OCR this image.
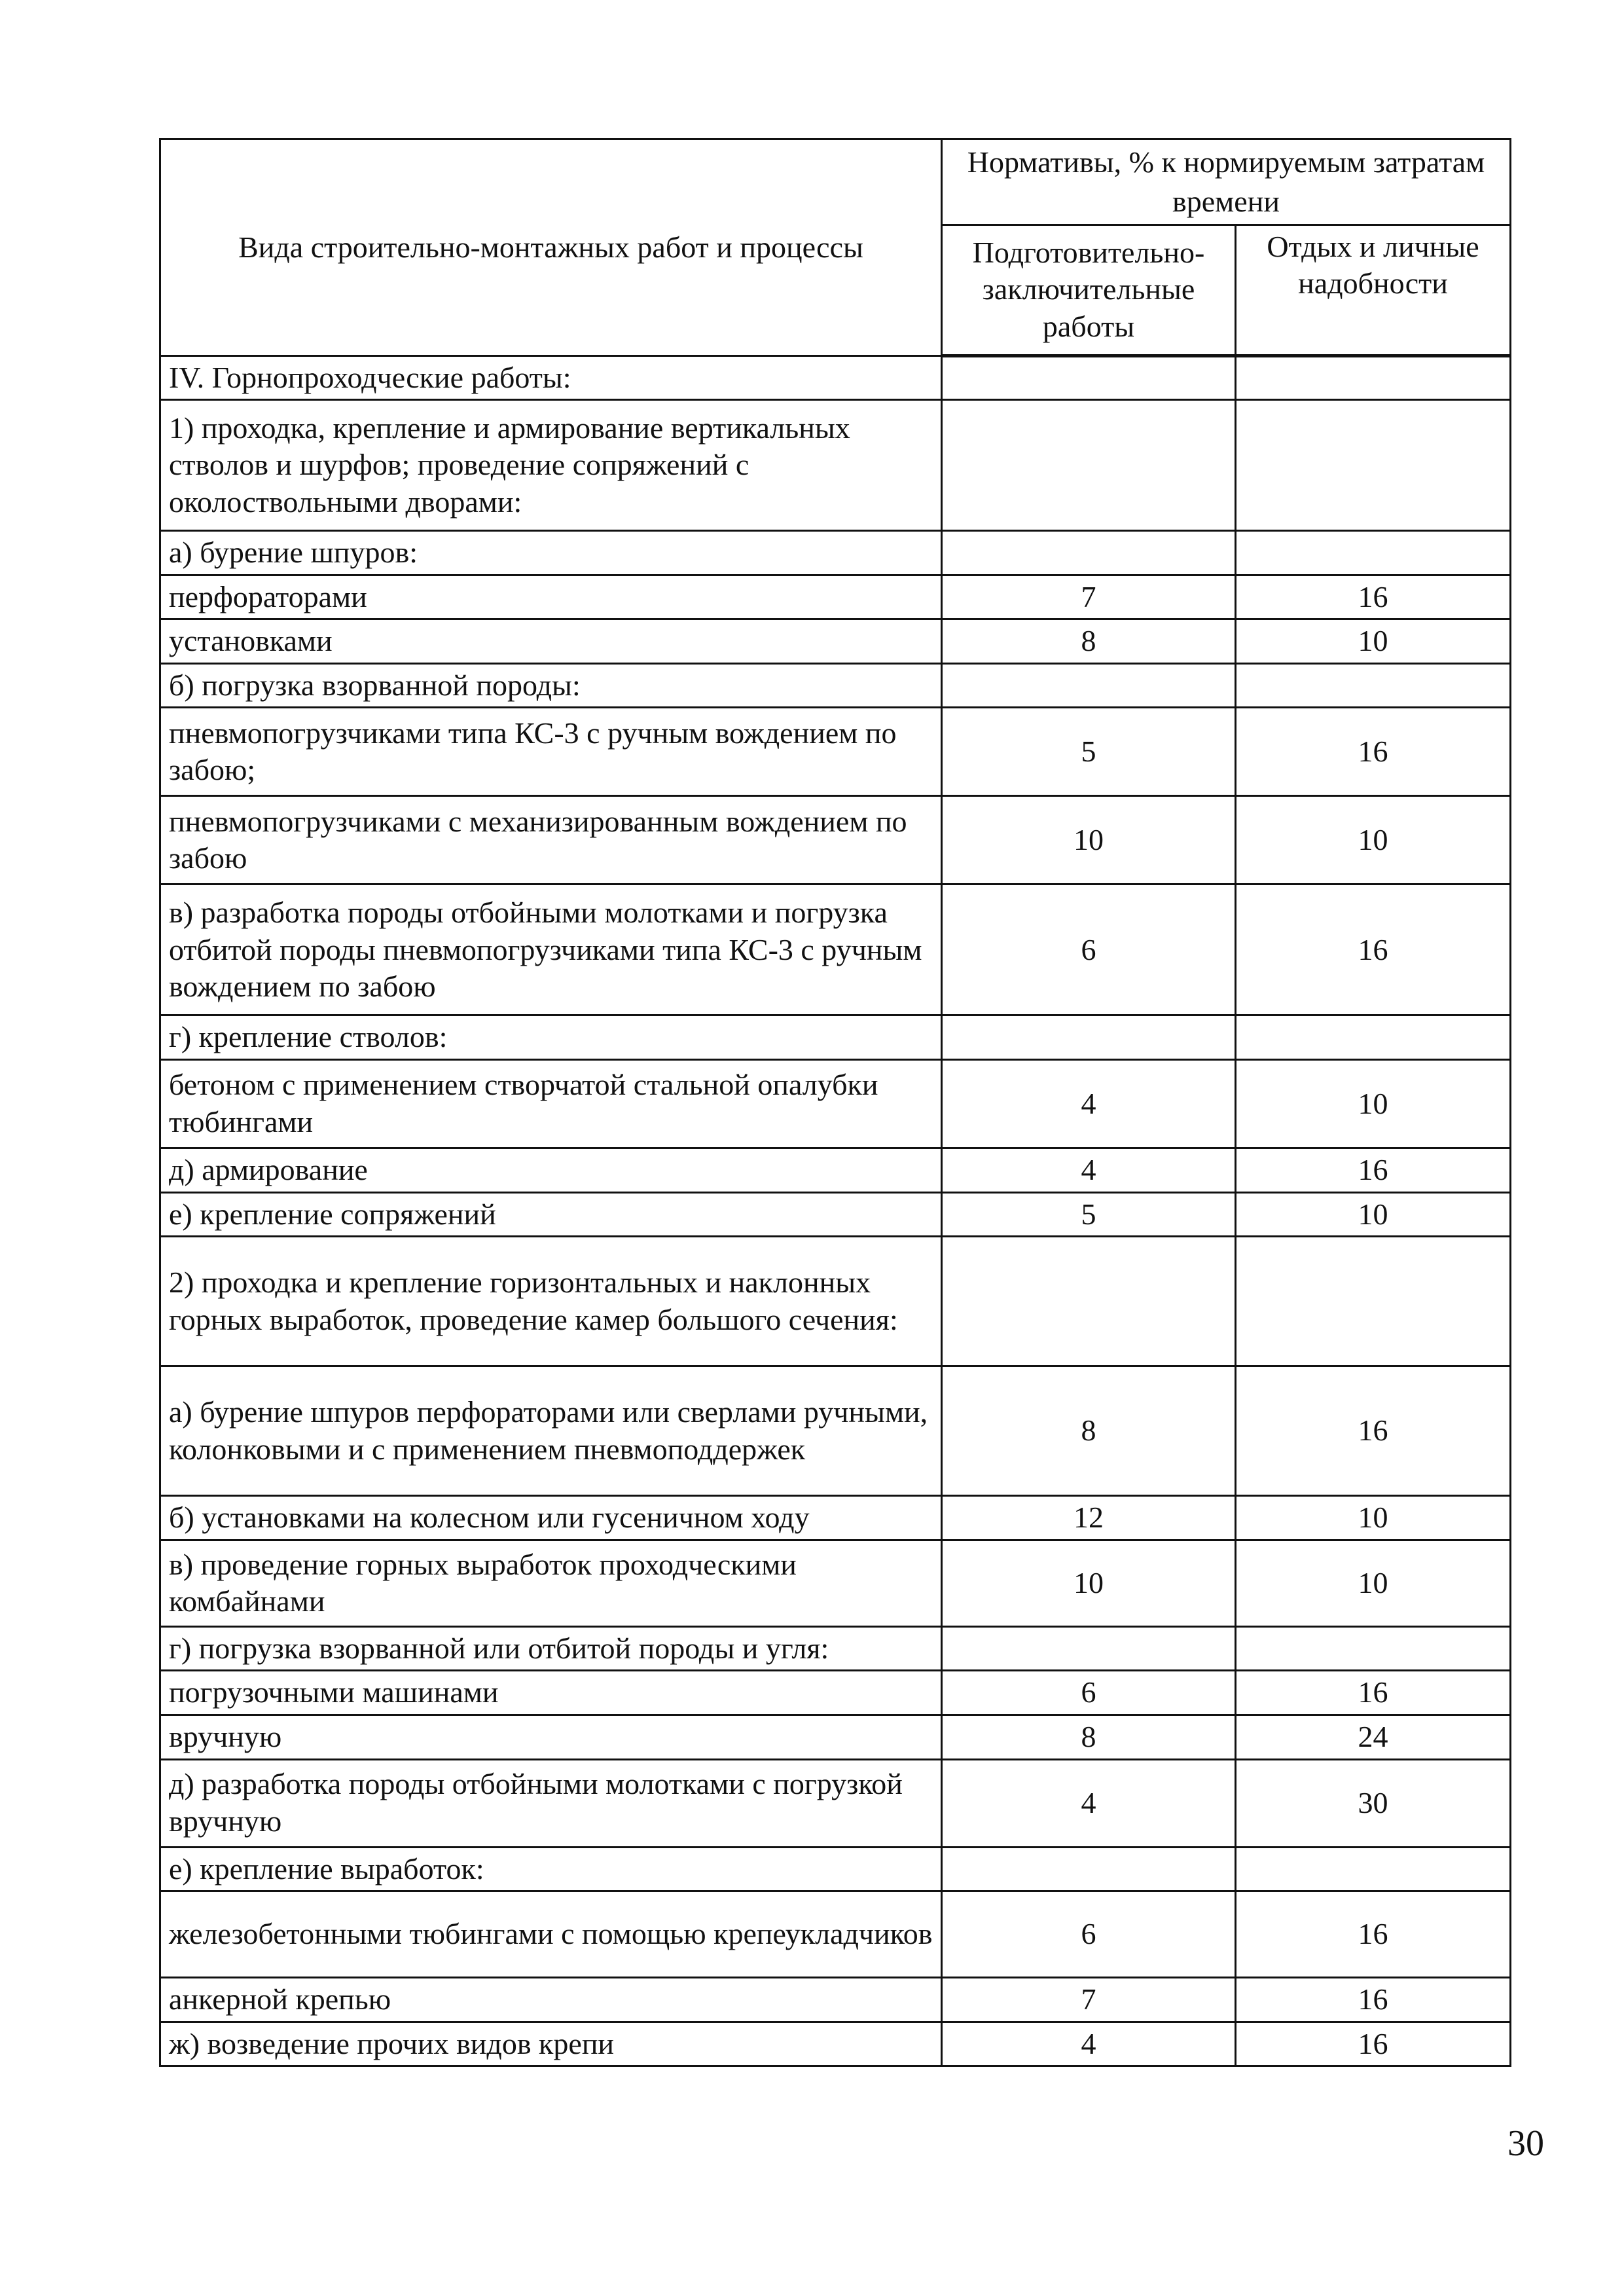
Вида строительно-монтажных работ и процессы	Нормативы, % к нормируемым затратам времени	
	Подготовительно-заключительные работы	Отдых и личные надобности
IV. Горнопроходческие работы:		
1) проходка, крепление и армирование вертикальных стволов и шурфов; проведение сопряжений с околоствольными дворами:		
а) бурение шпуров:		
перфораторами	7	16
установками	8	10
б) погрузка взорванной породы:		
пневмопогрузчиками типа КС-3 с ручным вождением по забою;	5	16
пневмопогрузчиками с механизированным вождением по забою	10	10
в) разработка породы отбойными молотками и погрузка отбитой породы пневмопогрузчиками типа КС-3 с ручным вождением по забою	6	16
г) крепление стволов:		
бетоном с применением створчатой стальной опалубки тюбингами	4	10
д) армирование	4	16
е) крепление сопряжений	5	10
2) проходка и крепление горизонтальных и наклонных горных выработок, проведение камер большого сечения:		
а) бурение шпуров перфораторами или сверлами ручными, колонковыми и с применением пневмоподдержек	8	16
б) установками на колесном или гусеничном ходу	12	10
в) проведение горных выработок проходческими комбайнами	10	10
г) погрузка взорванной или отбитой породы и угля:		
погрузочными машинами	6	16
вручную	8	24
д) разработка породы отбойными молотками с погрузкой вручную	4	30
е) крепление выработок:		
железобетонными тюбингами с помощью крепеукладчиков	6	16
анкерной крепью	7	16
ж) возведение прочих видов крепи	4	16
30
